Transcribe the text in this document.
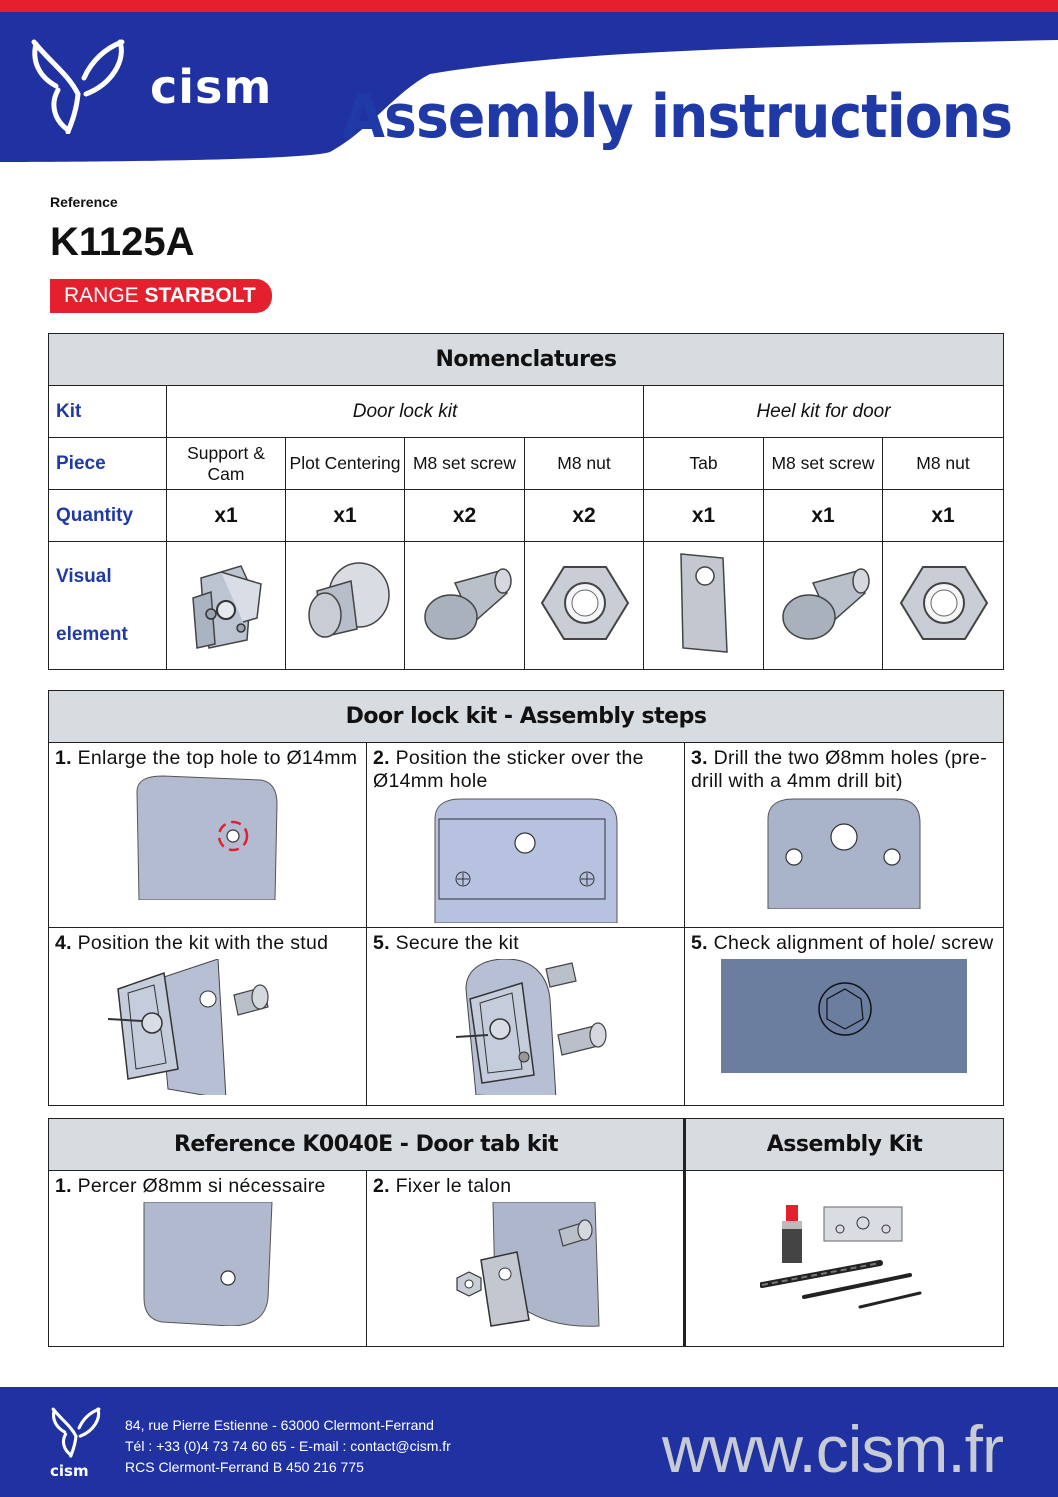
cism Assembly instructions
Reference
K1125A
RANGE STARBOLT
Nomenclatures							
Kit	Door lock kit				Heel kit for door		
Piece	Support & Cam	Plot Centering	M8 set screw	M8 nut	Tab	M8 set screw	M8 nut
Quantity	x1	x1	x2	x2	x1	x1	x1

Visual
element

Door lock kit - Assembly steps		
1. Enlarge the top hole to Ø14mm	2. Position the sticker over the Ø14mm hole	3. Drill the two Ø8mm holes (pre-drill with a 4mm drill bit)

4. Position the kit with the stud	5. Secure the kit	5. Check alignment of hole/ screw
Reference K0040E - Door tab kit		Assembly Kit
1. Percer Ø8mm si nécessaire	2. Fixer le talon

cism
84, rue Pierre Estienne - 63000 Clermont-Ferrand
Tél : +33 (0)4 73 74 60 65 - E-mail : contact@cism.fr
RCS Clermont-Ferrand B 450 216 775	www.cism.fr
